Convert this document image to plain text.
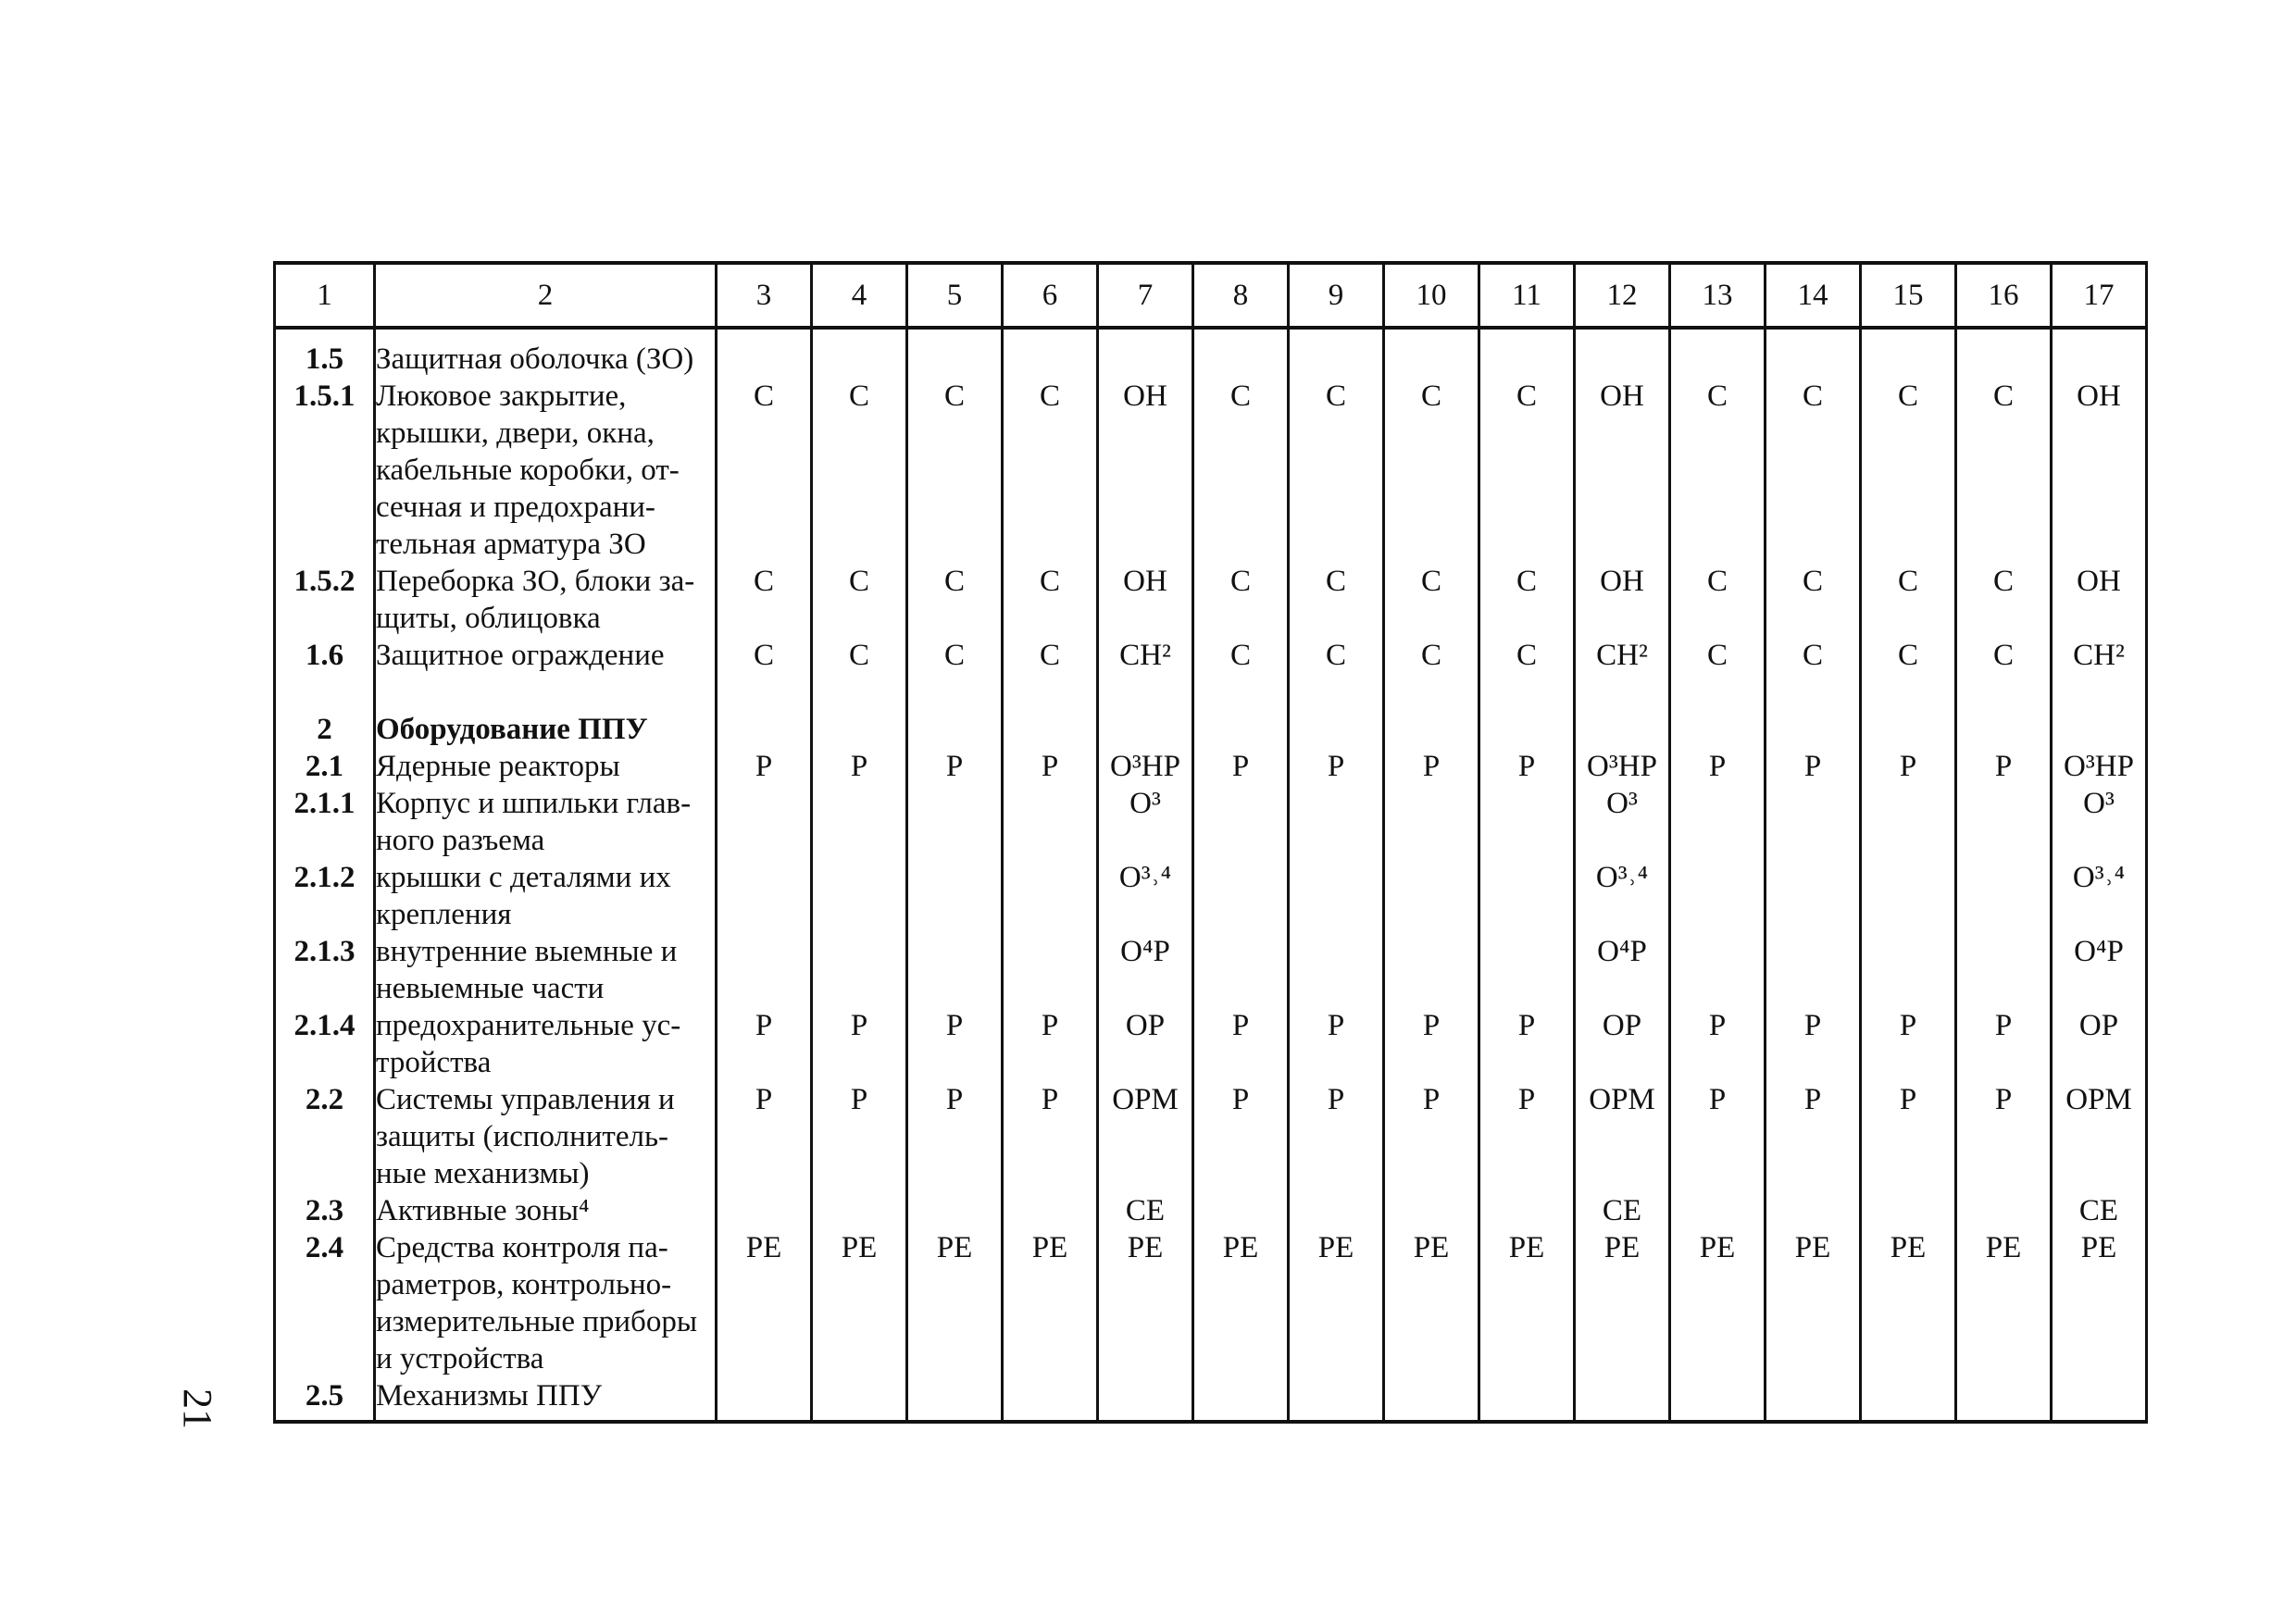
21
1	2	3	4	5	6	7	8	9	10	11	12	13	14	15	16	17
1.5	Защитная оболочка (ЗО)															

1.5.1	Люковое закрытие,
крышки, двери, окна,
кабельные коробки, от-
сечная и предохрани-
тельная арматура ЗО	С	С	С	С	ОН	С	С	С	С	ОН	С	С	С	С	ОН
1.5.2	Переборка ЗО, блоки за-
щиты, облицовка	С	С	С	С	ОН	С	С	С	С	ОН	С	С	С	С	ОН
1.6	Защитное ограждение	С	С	С	С	СН²	С	С	С	С	СН²	С	С	С	С	СН²

2	Оборудование ППУ															

2.1	Ядерные реакторы	Р	Р	Р	Р	О³НР	Р	Р	Р	Р	О³НР	Р	Р	Р	Р	О³НР
2.1.1	Корпус и шпильки глав-
ного разъема					О³					О³					О³
2.1.2	крышки с деталями их
крепления					О³˒⁴					О³˒⁴					О³˒⁴
2.1.3	внутренние выемные и
невыемные части					О⁴Р					О⁴Р					О⁴Р
2.1.4	предохранительные ус-
тройства	Р	Р	Р	Р	ОР	Р	Р	Р	Р	ОР	Р	Р	Р	Р	ОР
2.2	Системы управления и
защиты (исполнитель-
ные механизмы)	Р	Р	Р	Р	ОРМ	Р	Р	Р	Р	ОРМ	Р	Р	Р	Р	ОРМ
2.3	Активные зоны⁴					СЕ					СЕ					СЕ
2.4	Средства контроля па-
раметров, контрольно-
измерительные приборы
и устройства	РЕ	РЕ	РЕ	РЕ	РЕ	РЕ	РЕ	РЕ	РЕ	РЕ	РЕ	РЕ	РЕ	РЕ	РЕ
2.5	Механизмы ППУ															
